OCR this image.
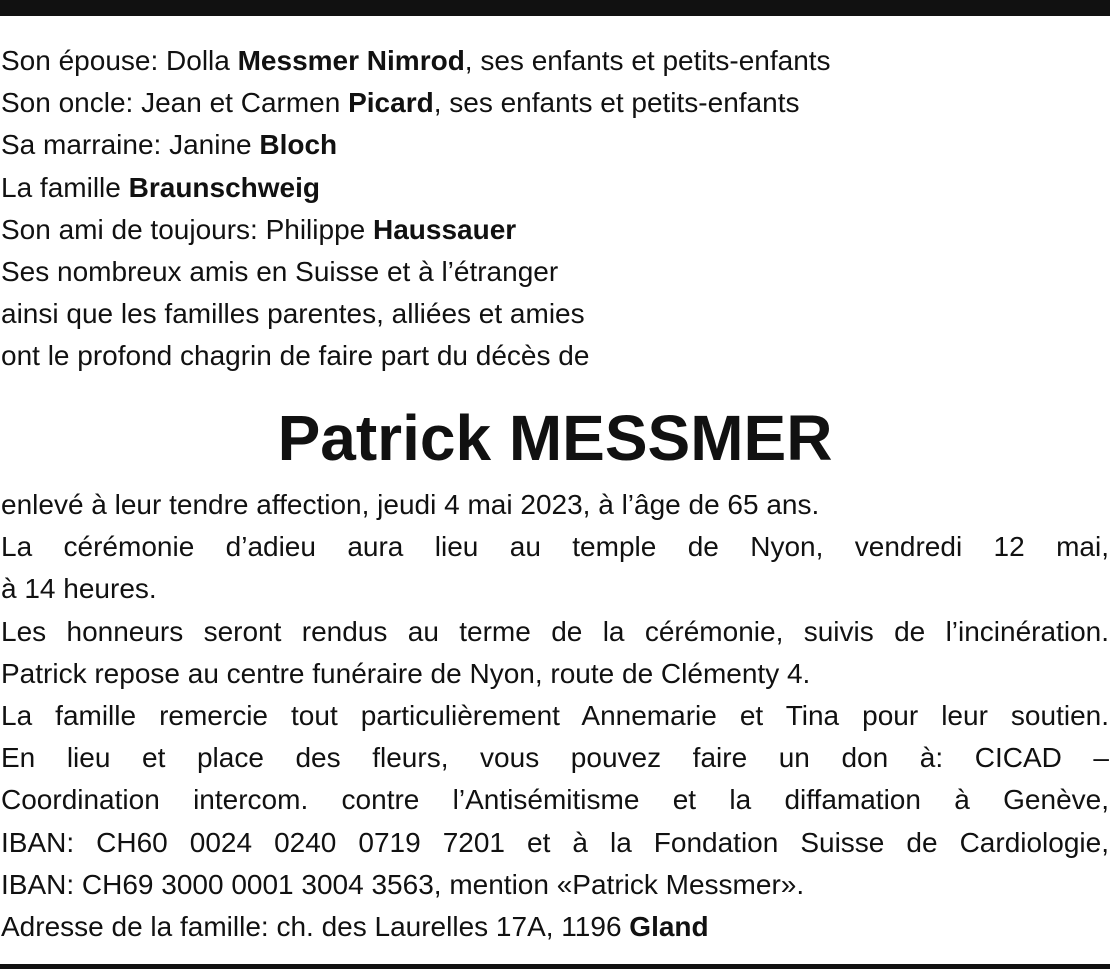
Son épouse: Dolla Messmer Nimrod, ses enfants et petits-enfants
Son oncle: Jean et Carmen Picard, ses enfants et petits-enfants
Sa marraine: Janine Bloch
La famille Braunschweig
Son ami de toujours: Philippe Haussauer
Ses nombreux amis en Suisse et à l’étranger
ainsi que les familles parentes, alliées et amies
ont le profond chagrin de faire part du décès de
Patrick MESSMER
enlevé à leur tendre affection, jeudi 4 mai 2023, à l’âge de 65 ans.
La cérémonie d’adieu aura lieu au temple de Nyon, vendredi 12 mai,
à 14 heures.
Les honneurs seront rendus au terme de la cérémonie, suivis de l’incinération.
Patrick repose au centre funéraire de Nyon, route de Clémenty 4.
La famille remercie tout particulièrement Annemarie et Tina pour leur soutien.
En lieu et place des fleurs, vous pouvez faire un don à: CICAD –
Coordination intercom. contre l’Antisémitisme et la diffamation à Genève,
IBAN: CH60 0024 0240 0719 7201 et à la Fondation Suisse de Cardiologie,
IBAN: CH69 3000 0001 3004 3563, mention «Patrick Messmer».
Adresse de la famille: ch. des Laurelles 17A, 1196 Gland
